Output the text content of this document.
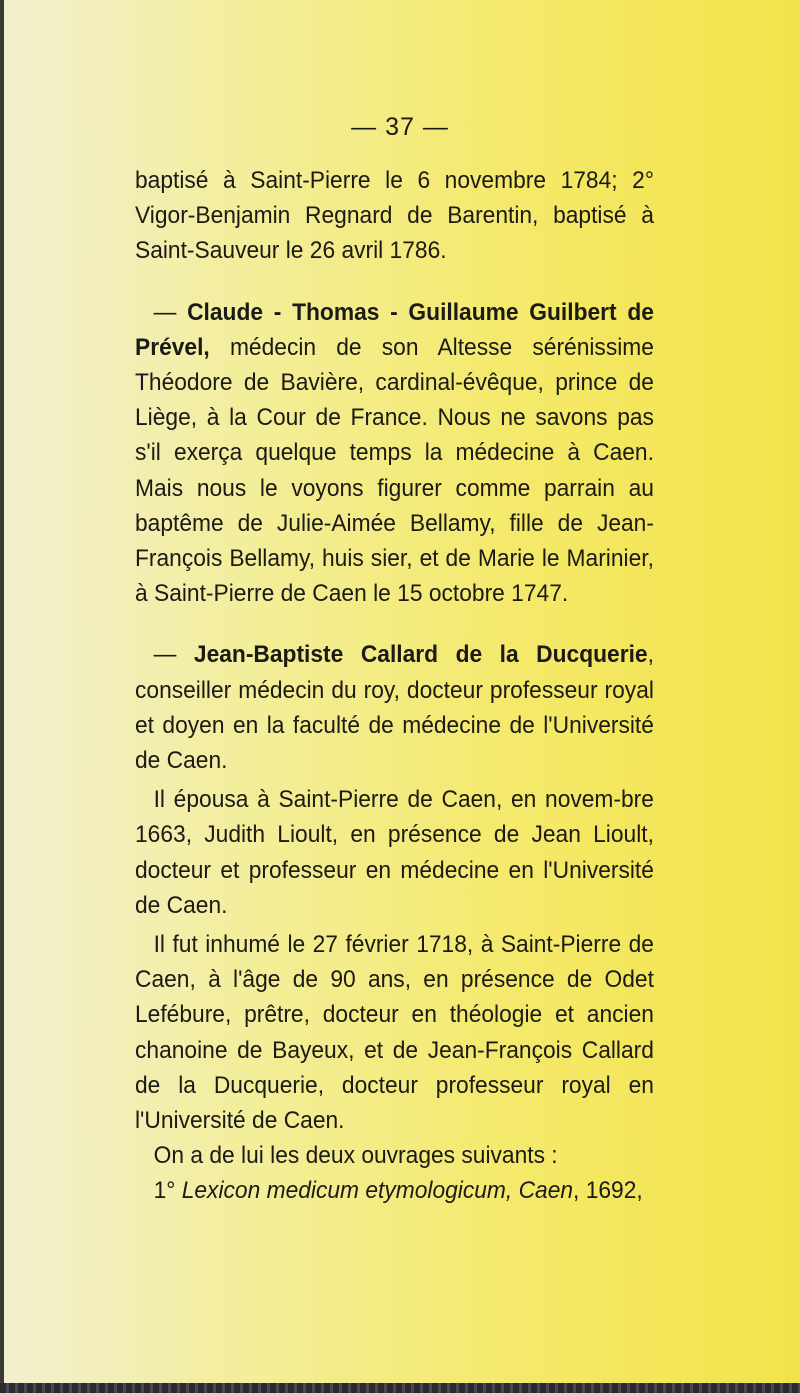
— 37 —

baptisé à Saint-Pierre le 6 novembre 1784; 2° Vigor-Benjamin Regnard de Barentin, baptisé à Saint-Sauveur le 26 avril 1786.

— Claude - Thomas - Guillaume Guilbert de Prével, médecin de son Altesse sérénissime Théodore de Bavière, cardinal-évêque, prince de Liège, à la Cour de France. Nous ne savons pas s'il exerça quelque temps la médecine à Caen. Mais nous le voyons figurer comme parrain au baptême de Julie-Aimée Bellamy, fille de Jean-François Bellamy, huis sier, et de Marie le Marinier, à Saint-Pierre de Caen le 15 octobre 1747.

— Jean-Baptiste Callard de la Ducquerie, conseiller médecin du roy, docteur professeur royal et doyen en la faculté de médecine de l'Université de Caen.

Il épousa à Saint-Pierre de Caen, en novem-bre 1663, Judith Lioult, en présence de Jean Lioult, docteur et professeur en médecine en l'Université de Caen.

Il fut inhumé le 27 février 1718, à Saint-Pierre de Caen, à l'âge de 90 ans, en présence de Odet Lefébure, prêtre, docteur en théologie et ancien chanoine de Bayeux, et de Jean-François Callard de la Ducquerie, docteur professeur royal en l'Université de Caen.

On a de lui les deux ouvrages suivants :

1° Lexicon medicum etymologicum, Caen, 1692,
